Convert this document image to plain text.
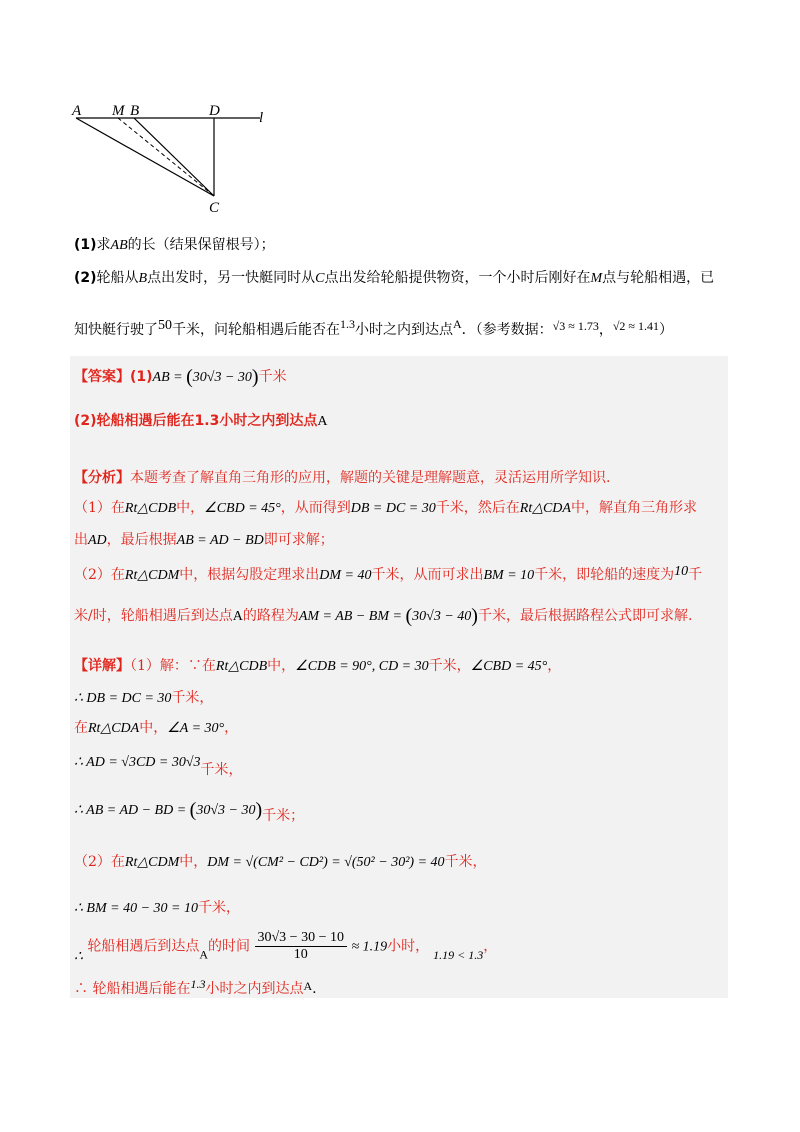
A M B	D	l
C
(1)求AB的长（结果保留根号）；
(2)轮船从B点出发时，另一快艇同时从C点出发给轮船提供物资，一个小时后刚好在M点与轮船相遇，已
知快艇行驶了50千米，问轮船相遇后能否在1.3小时之内到达点A．（参考数据：√3 ≈ 1.73，√2 ≈ 1.41）
【答案】(1)AB = (30√3 − 30)千米
(2)轮船相遇后能在1.3小时之内到达点A
【分析】本题考查了解直角三角形的应用，解题的关键是理解题意，灵活运用所学知识.
（1）在Rt△CDB中，∠CBD = 45°，从而得到DB = DC = 30千米，然后在Rt△CDA中，解直角三角形求
出AD，最后根据AB = AD − BD即可求解；
（2）在Rt△CDM中，根据勾股定理求出DM = 40千米，从而可求出BM = 10千米，即轮船的速度为10千
米/时，轮船相遇后到达点A的路程为AM = AB − BM = (30√3 − 40)千米，最后根据路程公式即可求解.
【详解】（1）解：∵在Rt△CDB中，∠CDB = 90°, CD = 30千米，∠CBD = 45°，
∴ DB = DC = 30千米，
在Rt△CDA中，∠A = 30°，
∴ AD = √3CD = 30√3千米，
∴ AB = AD − BD = (30√3 − 30)千米；
（2）在Rt△CDM中，DM = √(CM² − CD²) = √(50² − 30²) = 40千米，
∴ BM = 40 − 30 = 10千米，
∴ 轮船相遇后到达点A的时间 $\frac{30√3 - 30 - 10}{10} \approx 1.19$小时， 1.19 < 1.3，
∴ 轮船相遇后能在1.3小时之内到达点A.
